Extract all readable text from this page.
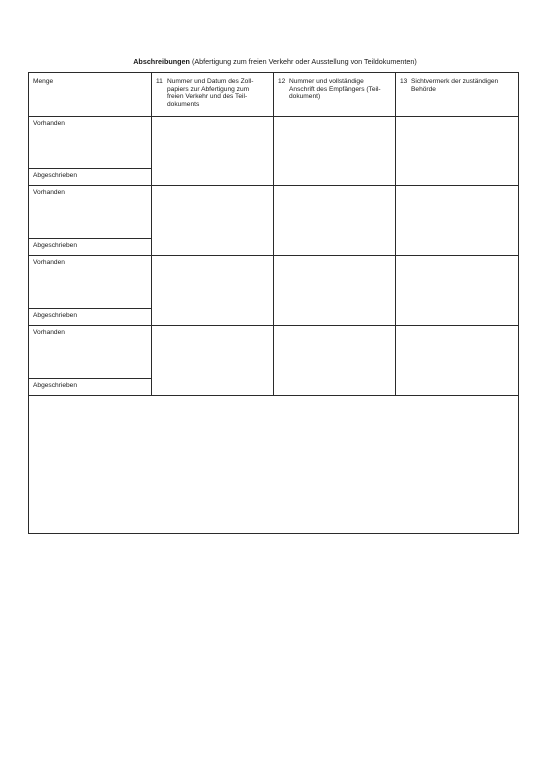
Abschreibungen (Abfertigung zum freien Verkehr oder Ausstellung von Teildokumenten)
Menge	11 Nummer und Datum des Zoll-
papiers zur Abfertigung zum
freien Verkehr und des Teil-
dokuments
12 Nummer und vollständige
Anschrift des Empfängers (Teil-
dokument)
13 Sichtvermerk der zuständigen
Behörde
Vorhanden
Abgeschrieben
Vorhanden
Abgeschrieben
Vorhanden
Abgeschrieben
Vorhanden
Abgeschrieben
